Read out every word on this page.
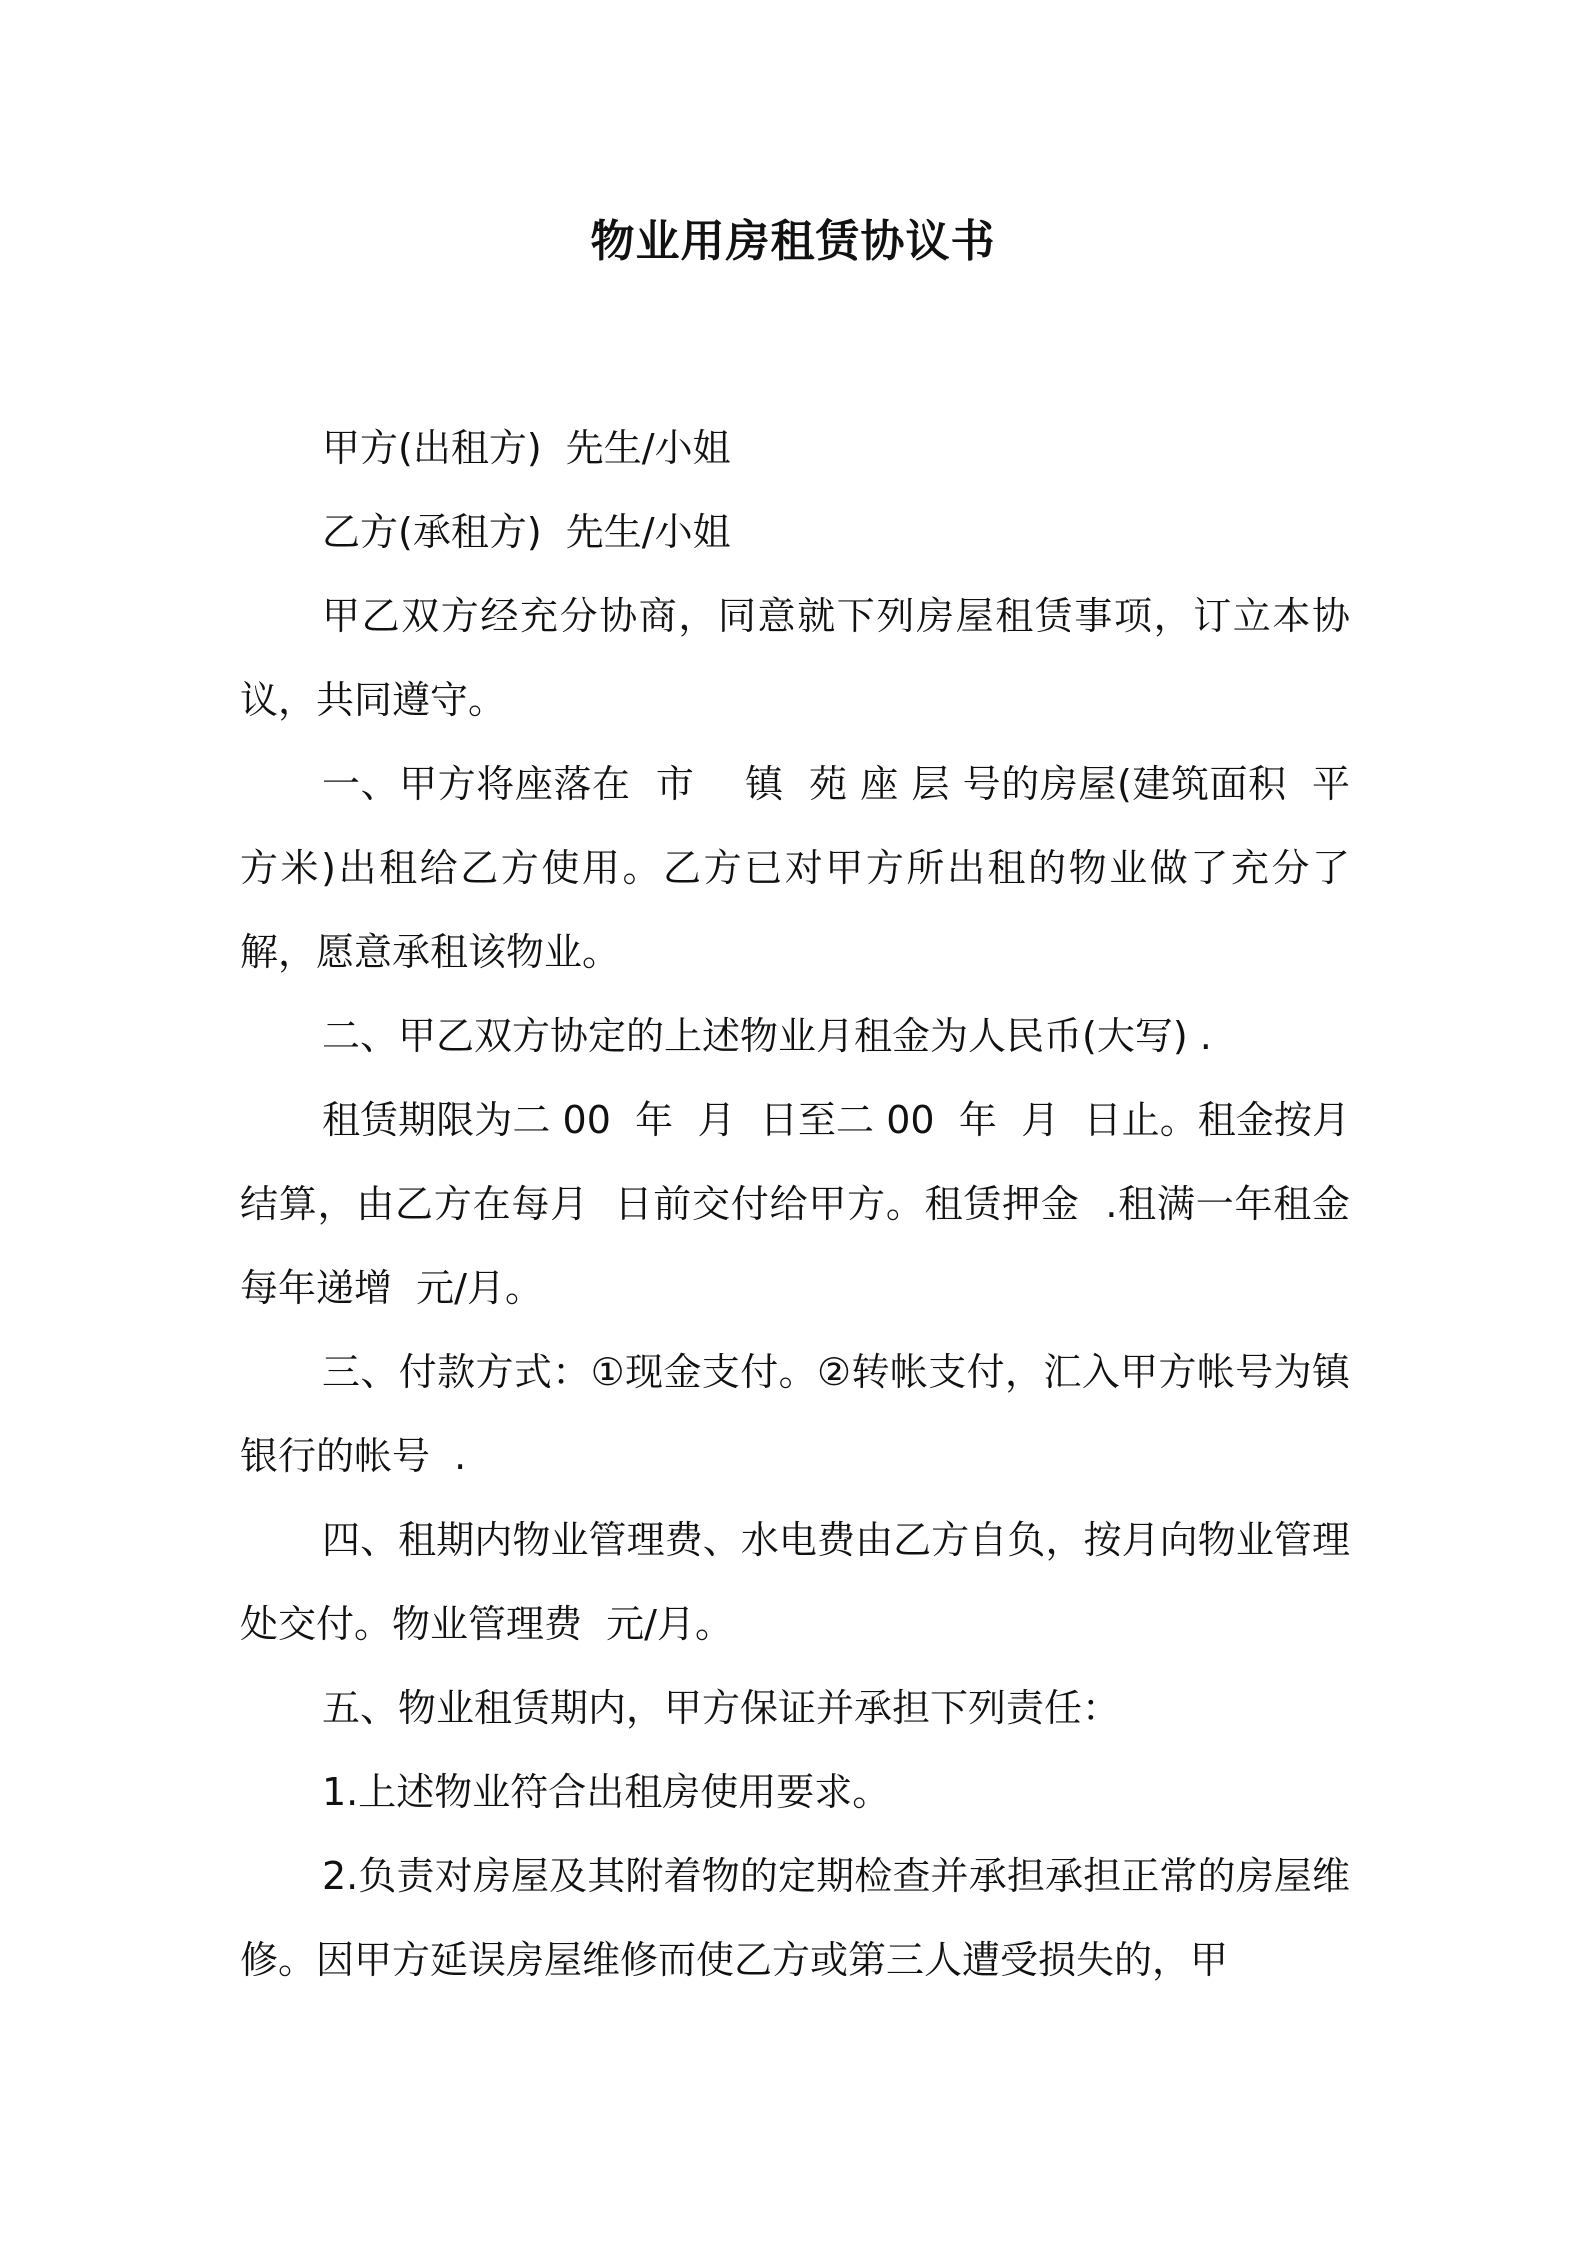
物业用房租赁协议书

甲方(出租方)  先生/小姐

乙方(承租方)  先生/小姐

甲乙双方经充分协商，同意就下列房屋租赁事项，订立本协议，共同遵守。

一、甲方将座落在  市    镇  苑 座 层 号的房屋(建筑面积  平方米)出租给乙方使用。乙方已对甲方所出租的物业做了充分了解，愿意承租该物业。

二、甲乙双方协定的上述物业月租金为人民币(大写) .

租赁期限为二 00  年  月  日至二 00  年  月  日止。租金按月结算，由乙方在每月  日前交付给甲方。租赁押金  .租满一年租金每年递增  元/月。

三、付款方式：①现金支付。②转帐支付，汇入甲方帐号为镇  银行的帐号  .

四、租期内物业管理费、水电费由乙方自负，按月向物业管理处交付。物业管理费  元/月。

五、物业租赁期内，甲方保证并承担下列责任：

1.上述物业符合出租房使用要求。

2.负责对房屋及其附着物的定期检查并承担承担正常的房屋维修。因甲方延误房屋维修而使乙方或第三人遭受损失的，甲
